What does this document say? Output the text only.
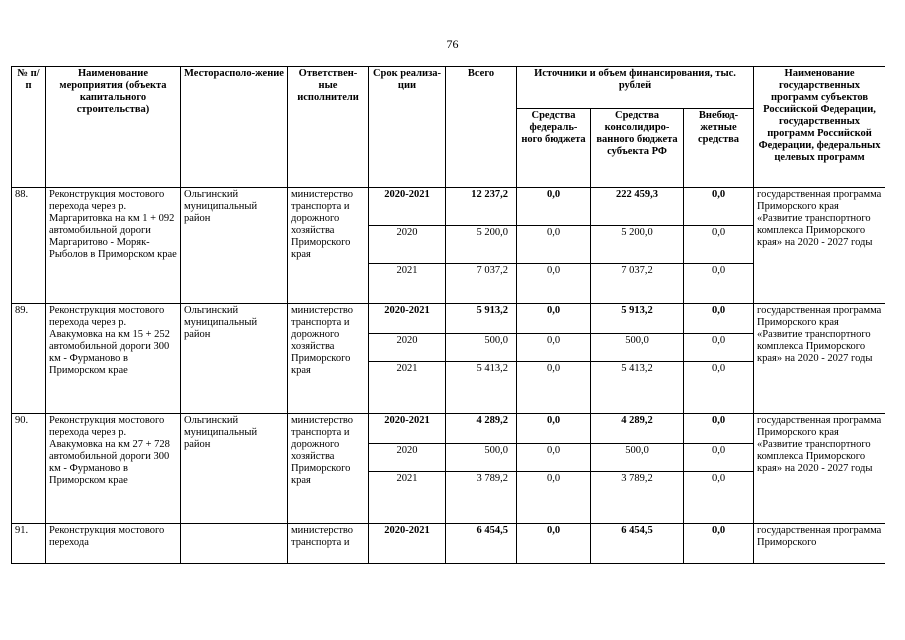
76
№ п/п	Наименование мероприятия (объекта капитального строительства)	Месторасполо-жение	Ответствен-ные исполнители	Срок реализа-ции	Всего	Источники и объем финансирования, тыс. рублей			Наименование государственных программ субъектов Российской Федерации, государственных программ Российской Федерации, федеральных целевых программ
						Средства федераль-ного бюджета	Средства консолидиро-ванного бюджета субъекта РФ	Внебюд-жетные средства	
88.	Реконструкция мостового перехода через р. Маргаритовка на км 1 + 092 автомобильной дороги Маргаритово - Моряк-Рыболов в Приморском крае	Ольгинский муниципальный район	министерство транспорта и дорожного хозяйства Приморского края	2020-2021	12 237,2	0,0	222 459,3	0,0	государственная программа Приморского края «Развитие транспортного комплекса Приморского края» на 2020 - 2027 годы
				2020	5 200,0	0,0	5 200,0	0,0	
				2021	7 037,2	0,0	7 037,2	0,0	
89.	Реконструкция мостового перехода через р. Авакумовка на км 15 + 252 автомобильной дороги 300 км - Фурманово в Приморском крае	Ольгинский муниципальный район	министерство транспорта и дорожного хозяйства Приморского края	2020-2021	5 913,2	0,0	5 913,2	0,0	государственная программа Приморского края «Развитие транспортного комплекса Приморского края» на 2020 - 2027 годы
				2020	500,0	0,0	500,0	0,0	
				2021	5 413,2	0,0	5 413,2	0,0	
90.	Реконструкция мостового перехода через р. Авакумовка на км 27 + 728 автомобильной дороги 300 км - Фурманово в Приморском крае	Ольгинский муниципальный район	министерство транспорта и дорожного хозяйства Приморского края	2020-2021	4 289,2	0,0	4 289,2	0,0	государственная программа Приморского края «Развитие транспортного комплекса Приморского края» на 2020 - 2027 годы
				2020	500,0	0,0	500,0	0,0	
				2021	3 789,2	0,0	3 789,2	0,0	
91.	Реконструкция мостового перехода		министерство транспорта и	2020-2021	6 454,5	0,0	6 454,5	0,0	государственная программа Приморского
